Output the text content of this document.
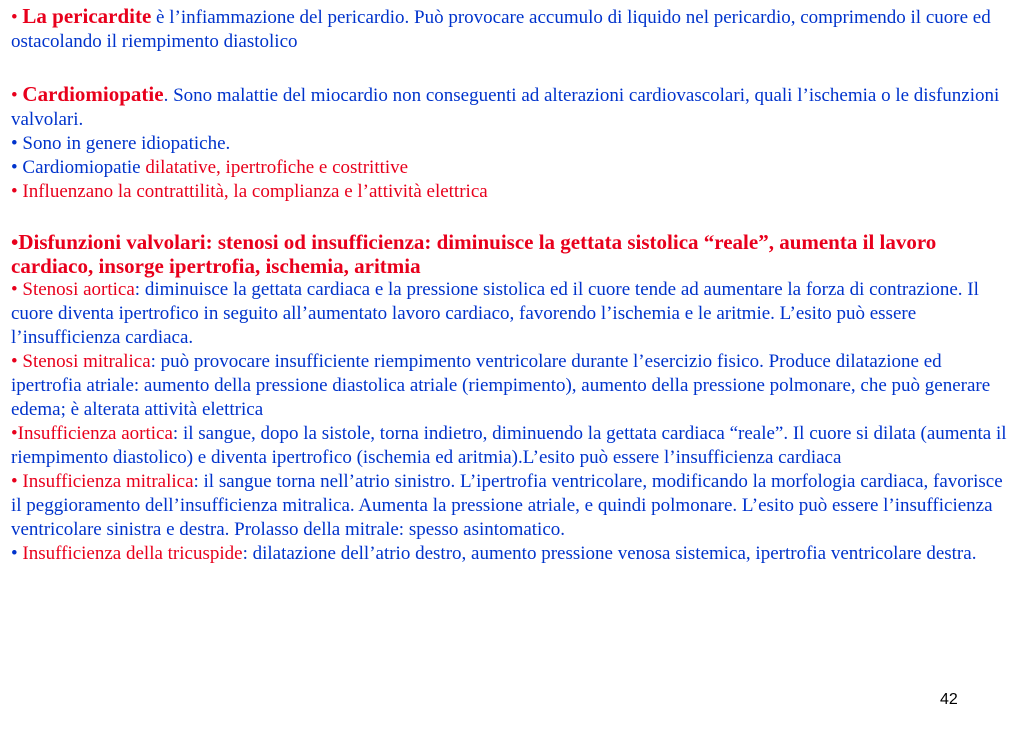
• La pericardite è l’infiammazione del pericardio. Può provocare accumulo di liquido nel pericardio, comprimendo il cuore ed ostacolando il riempimento diastolico

• Cardiomiopatie. Sono malattie del miocardio non conseguenti ad alterazioni cardiovascolari, quali l’ischemia o le disfunzioni valvolari.

• Sono in genere idiopatiche.

• Cardiomiopatie dilatative, ipertrofiche e costrittive

• Influenzano la contrattilità, la complianza e l’attività elettrica

•Disfunzioni valvolari: stenosi od insufficienza: diminuisce la gettata sistolica “reale”, aumenta il lavoro cardiaco, insorge ipertrofia, ischemia, aritmia

• Stenosi aortica: diminuisce la gettata cardiaca e la pressione sistolica ed il cuore tende ad aumentare la forza di contrazione. Il cuore diventa ipertrofico in seguito all’aumentato lavoro cardiaco, favorendo l’ischemia e le aritmie. L’esito può essere l’insufficienza cardiaca.

• Stenosi mitralica: può provocare insufficiente riempimento ventricolare durante l’esercizio fisico. Produce dilatazione ed ipertrofia atriale: aumento della pressione diastolica atriale (riempimento), aumento della pressione polmonare, che può generare edema; è alterata attività elettrica

•Insufficienza aortica: il sangue, dopo la sistole, torna indietro, diminuendo la gettata cardiaca “reale”. Il cuore si dilata (aumenta il riempimento diastolico) e diventa ipertrofico (ischemia ed aritmia).L’esito può essere l’insufficienza cardiaca

• Insufficienza mitralica: il sangue torna nell’atrio sinistro. L’ipertrofia ventricolare, modificando la morfologia cardiaca, favorisce il peggioramento dell’insufficienza mitralica. Aumenta la pressione atriale, e quindi polmonare. L’esito può essere l’insufficienza ventricolare sinistra e destra. Prolasso della mitrale: spesso asintomatico.

• Insufficienza della tricuspide: dilatazione dell’atrio destro, aumento pressione venosa sistemica, ipertrofia ventricolare destra.

42
